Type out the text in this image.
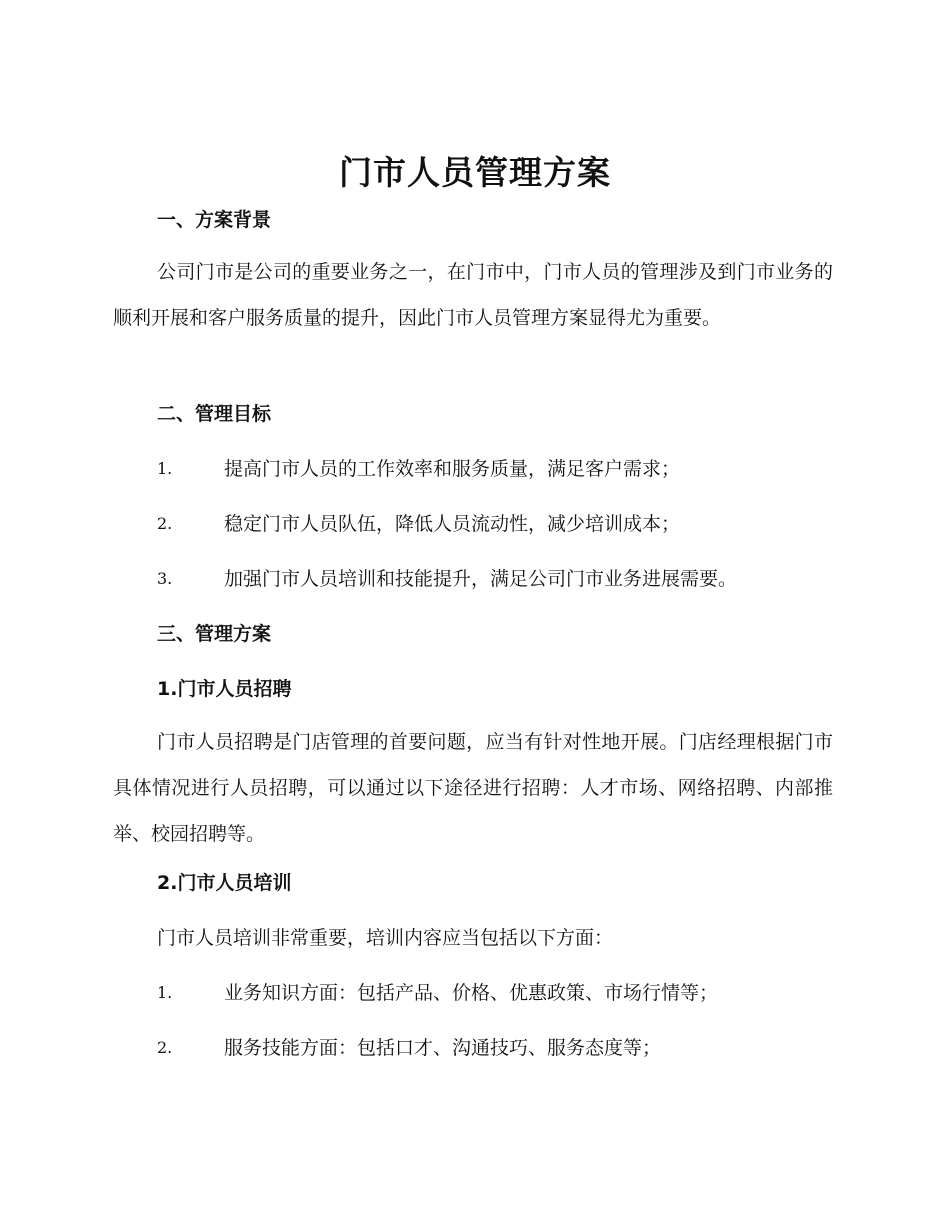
门市人员管理方案
一、方案背景

公司门市是公司的重要业务之一，在门市中，门市人员的管理涉及到门市业务的顺利开展和客户服务质量的提升，因此门市人员管理方案显得尤为重要。

二、管理目标
1.	提高门市人员的工作效率和服务质量，满足客户需求；
2.	稳定门市人员队伍，降低人员流动性，减少培训成本；
3.	加强门市人员培训和技能提升，满足公司门市业务进展需要。
三、管理方案
1.门市人员招聘

门市人员招聘是门店管理的首要问题，应当有针对性地开展。门店经理根据门市具体情况进行人员招聘，可以通过以下途径进行招聘：人才市场、网络招聘、内部推举、校园招聘等。

2.门市人员培训

门市人员培训非常重要，培训内容应当包括以下方面：

1.	业务知识方面：包括产品、价格、优惠政策、市场行情等；
2.	服务技能方面：包括口才、沟通技巧、服务态度等；
